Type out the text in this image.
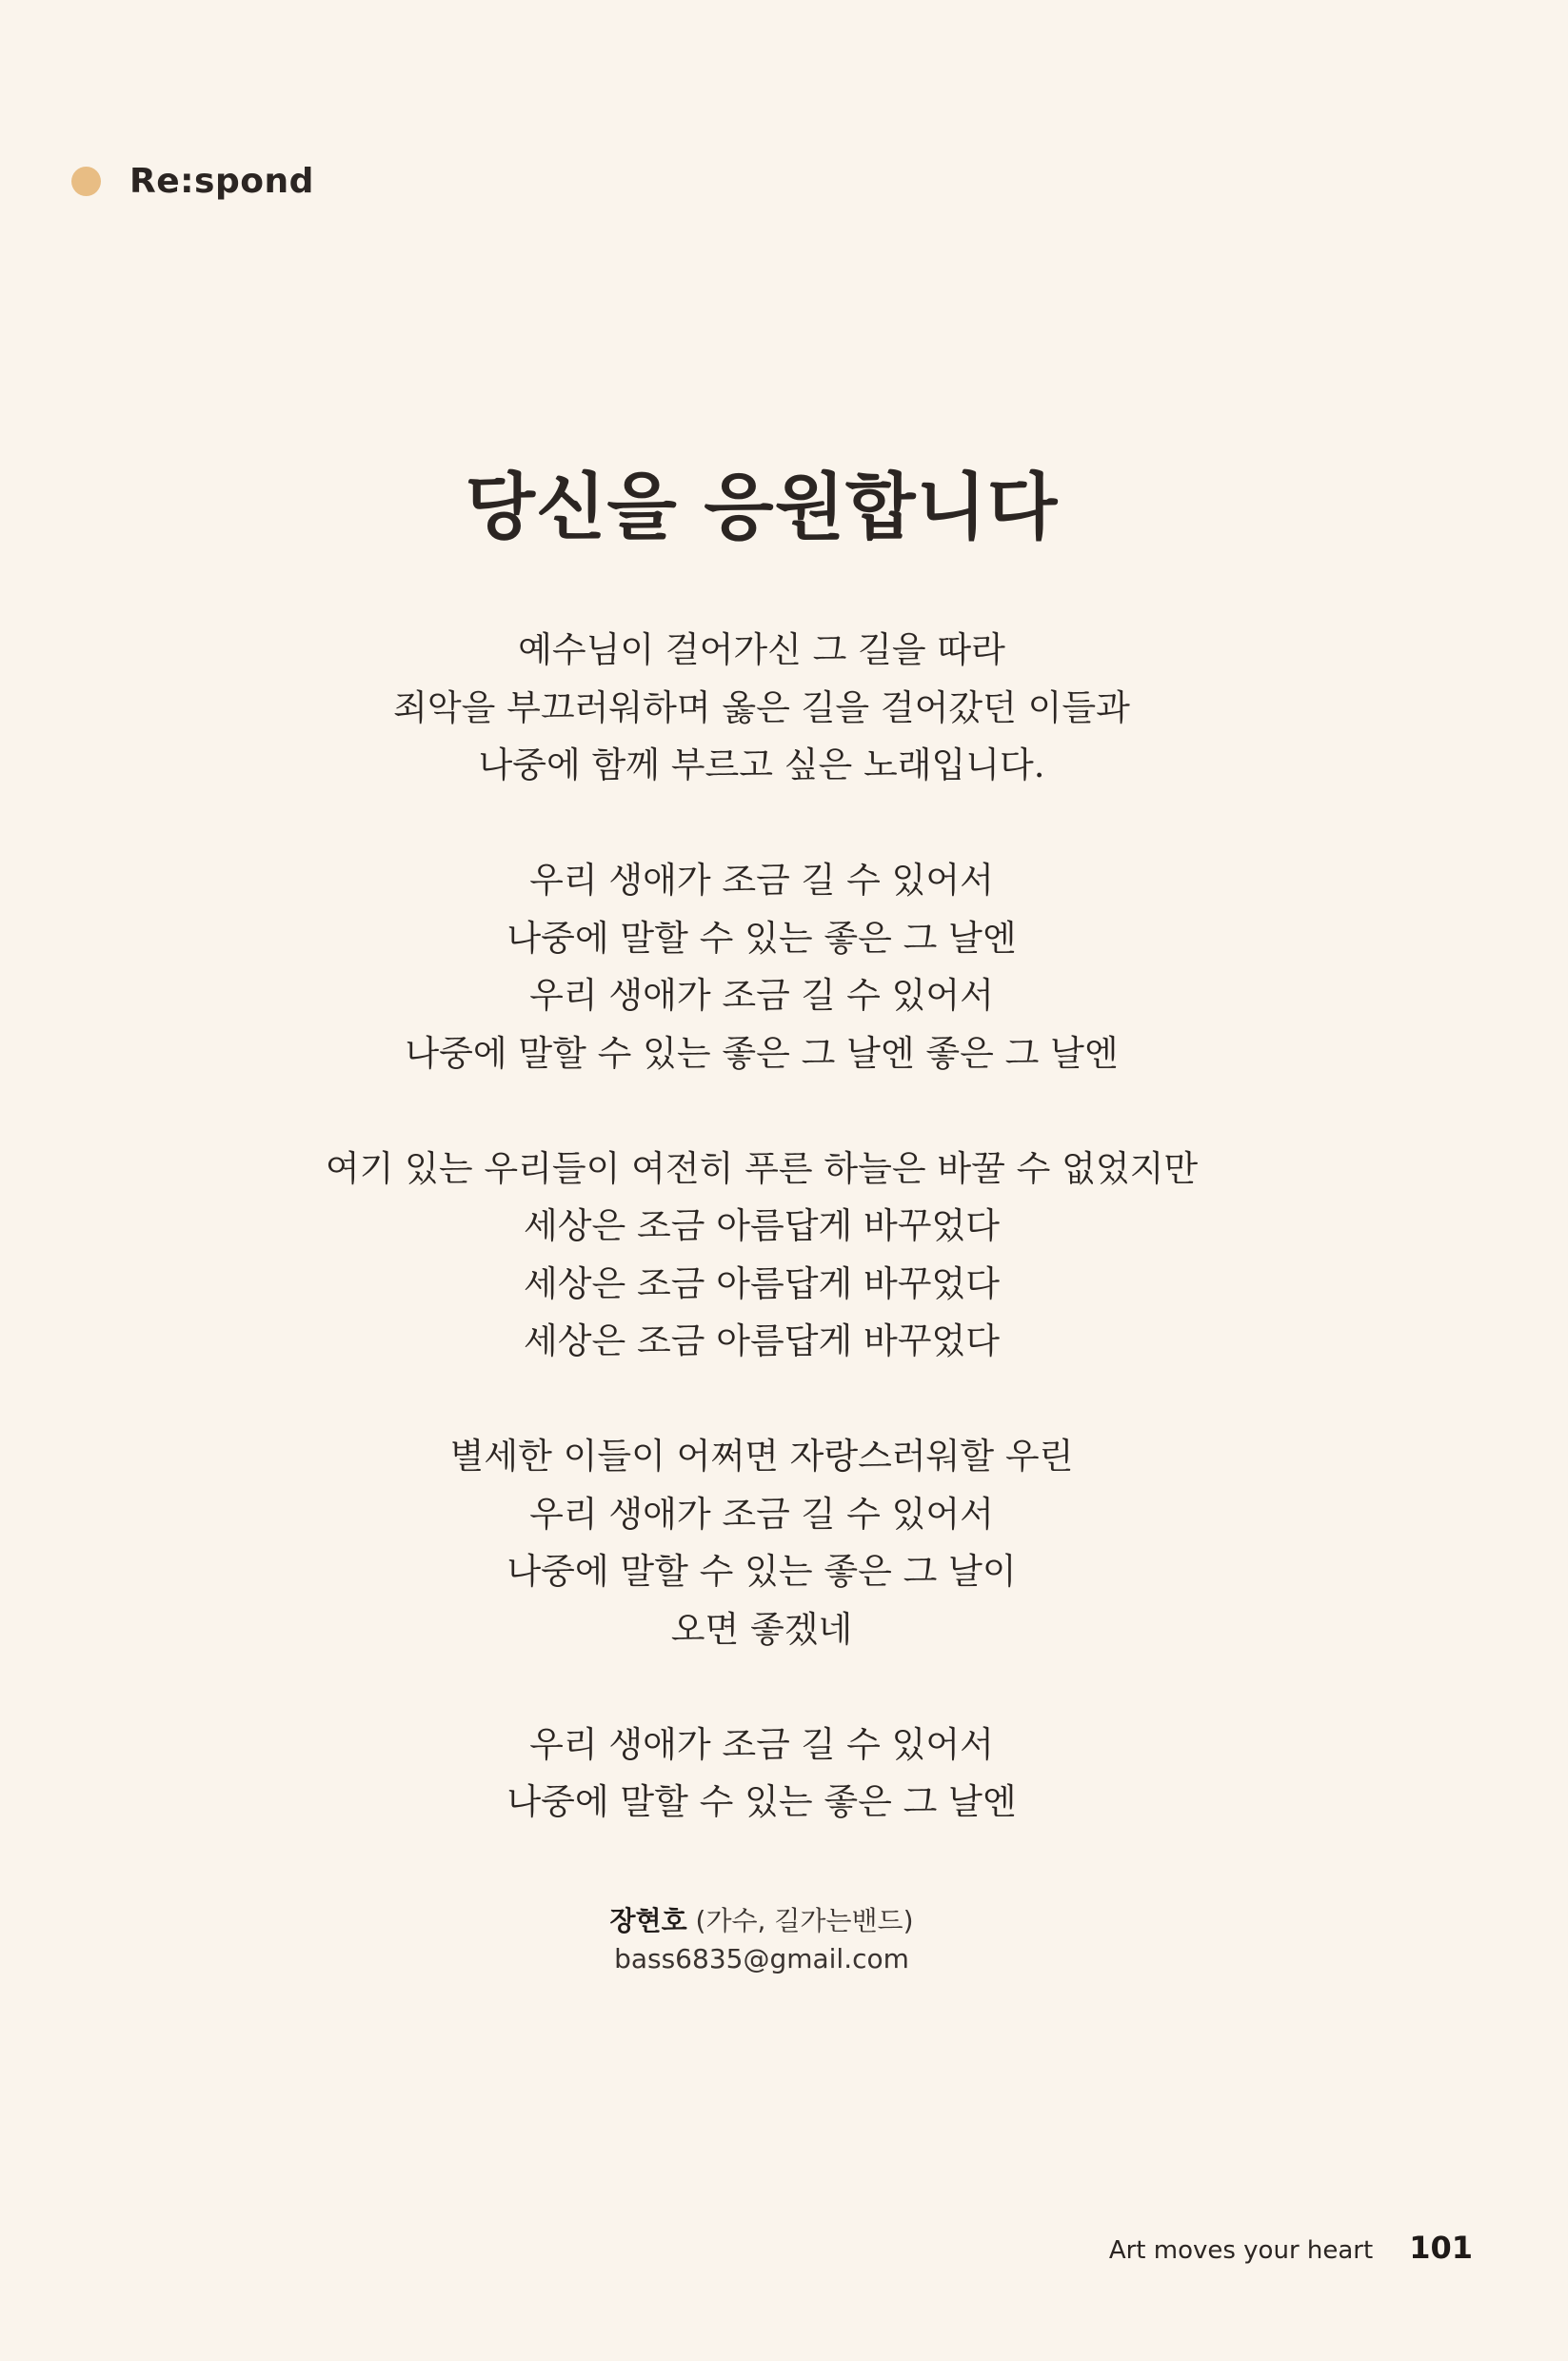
Re:spond
당신을 응원합니다
예수님이 걸어가신 그 길을 따라
죄악을 부끄러워하며 옳은 길을 걸어갔던 이들과
나중에 함께 부르고 싶은 노래입니다.
우리 생애가 조금 길 수 있어서
나중에 말할 수 있는 좋은 그 날엔
우리 생애가 조금 길 수 있어서
나중에 말할 수 있는 좋은 그 날엔 좋은 그 날엔
여기 있는 우리들이 여전히 푸른 하늘은 바꿀 수 없었지만
세상은 조금 아름답게 바꾸었다
세상은 조금 아름답게 바꾸었다
세상은 조금 아름답게 바꾸었다
별세한 이들이 어쩌면 자랑스러워할 우린
우리 생애가 조금 길 수 있어서
나중에 말할 수 있는 좋은 그 날이
오면 좋겠네
우리 생애가 조금 길 수 있어서
나중에 말할 수 있는 좋은 그 날엔
장현호 (가수, 길가는밴드)
bass6835@gmail.com
Art moves your heart 101
